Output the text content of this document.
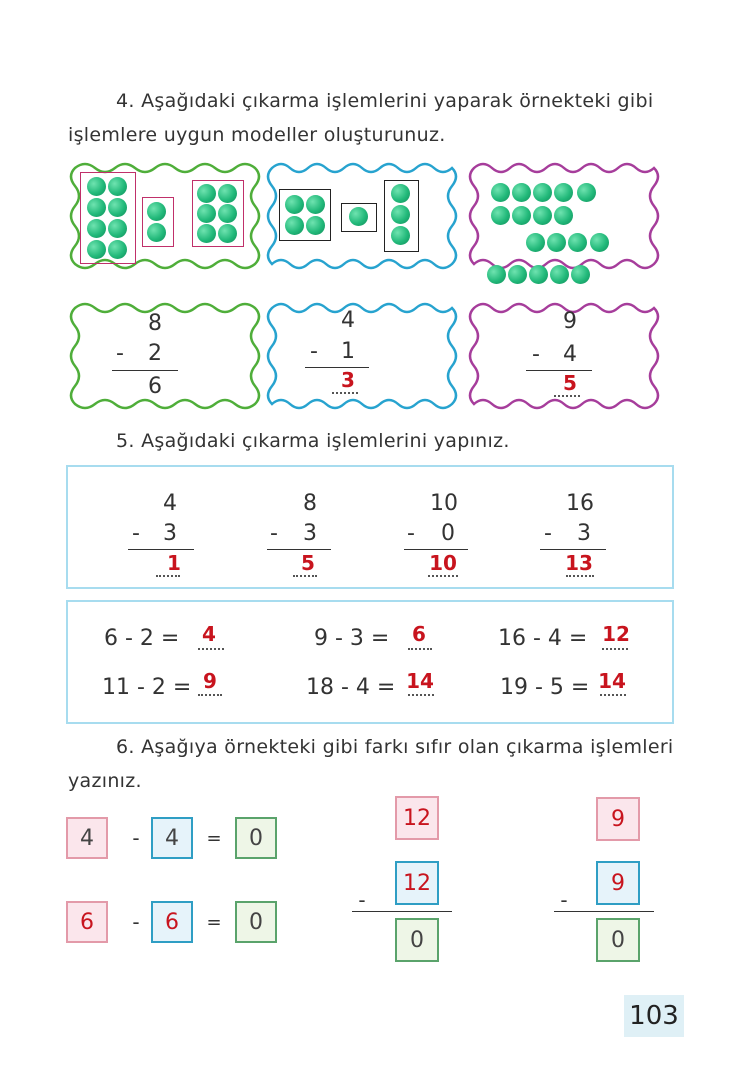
4. Aşağıdaki çıkarma işlemlerini yaparak örnekteki gibi
işlemlere uygun modeller oluşturunuz.
8
-	2
6
4
-	1
3
9
-	4
5
5. Aşağıdaki çıkarma işlemlerini yapınız.
4
-	3
1
8
-	3
5
10
-	0
10
16
-	3
13
6 - 2 =	4	9 - 3 =	6	16 - 4 = 12
11 - 2 = 9	18 - 4 = 14	19 - 5 = 14
6. Aşağıya örnekteki gibi farkı sıfır olan çıkarma işlemleri
yazınız.
4	-	4	=	0
6	-	6	=	0
12
-
12
0
9
-
9
0
103
